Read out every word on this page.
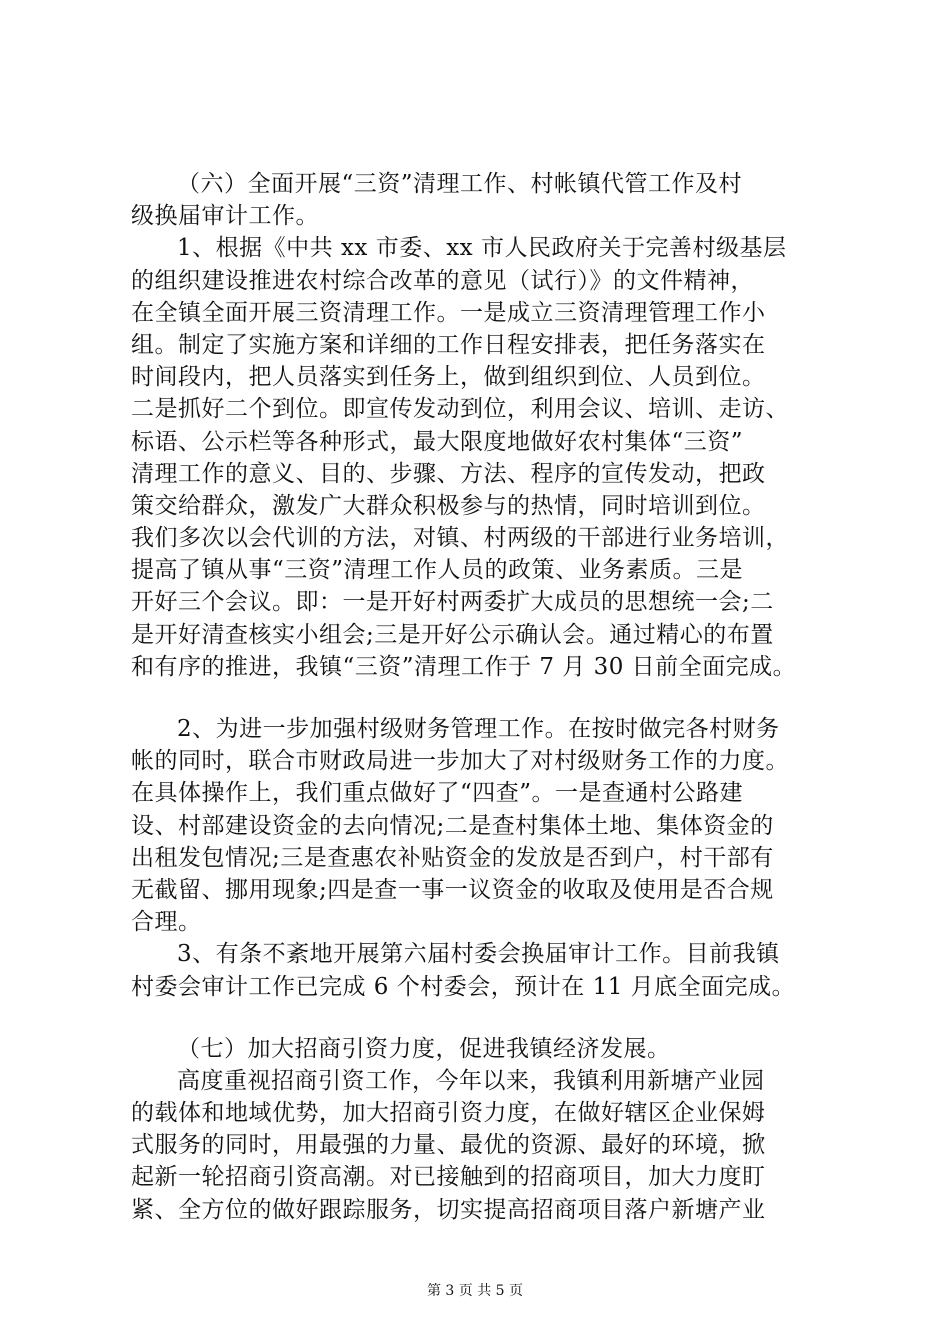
（六）全面开展“三资”清理工作、村帐镇代管工作及村
级换届审计工作。
1、根据《中共 xx 市委、xx 市人民政府关于完善村级基层
的组织建设推进农村综合改革的意见（试行）》的文件精神，
在全镇全面开展三资清理工作。一是成立三资清理管理工作小
组。制定了实施方案和详细的工作日程安排表，把任务落实在
时间段内，把人员落实到任务上，做到组织到位、人员到位。
二是抓好二个到位。即宣传发动到位，利用会议、培训、走访、
标语、公示栏等各种形式，最大限度地做好农村集体“三资”
清理工作的意义、目的、步骤、方法、程序的宣传发动，把政
策交给群众，激发广大群众积极参与的热情，同时培训到位。
我们多次以会代训的方法，对镇、村两级的干部进行业务培训，
提高了镇从事“三资”清理工作人员的政策、业务素质。三是
开好三个会议。即：一是开好村两委扩大成员的思想统一会;二
是开好清查核实小组会;三是开好公示确认会。通过精心的布置
和有序的推进，我镇“三资”清理工作于 7 月 30 日前全面完成。
2、为进一步加强村级财务管理工作。在按时做完各村财务
帐的同时，联合市财政局进一步加大了对村级财务工作的力度。
在具体操作上，我们重点做好了“四查”。一是查通村公路建
设、村部建设资金的去向情况;二是查村集体土地、集体资金的
出租发包情况;三是查惠农补贴资金的发放是否到户，村干部有
无截留、挪用现象;四是查一事一议资金的收取及使用是否合规
合理。
3、有条不紊地开展第六届村委会换届审计工作。目前我镇
村委会审计工作已完成 6 个村委会，预计在 11 月底全面完成。
（七）加大招商引资力度，促进我镇经济发展。
高度重视招商引资工作，今年以来，我镇利用新塘产业园
的载体和地域优势，加大招商引资力度，在做好辖区企业保姆
式服务的同时，用最强的力量、最优的资源、最好的环境，掀
起新一轮招商引资高潮。对已接触到的招商项目，加大力度盯
紧、全方位的做好跟踪服务，切实提高招商项目落户新塘产业
第 3 页 共 5 页
